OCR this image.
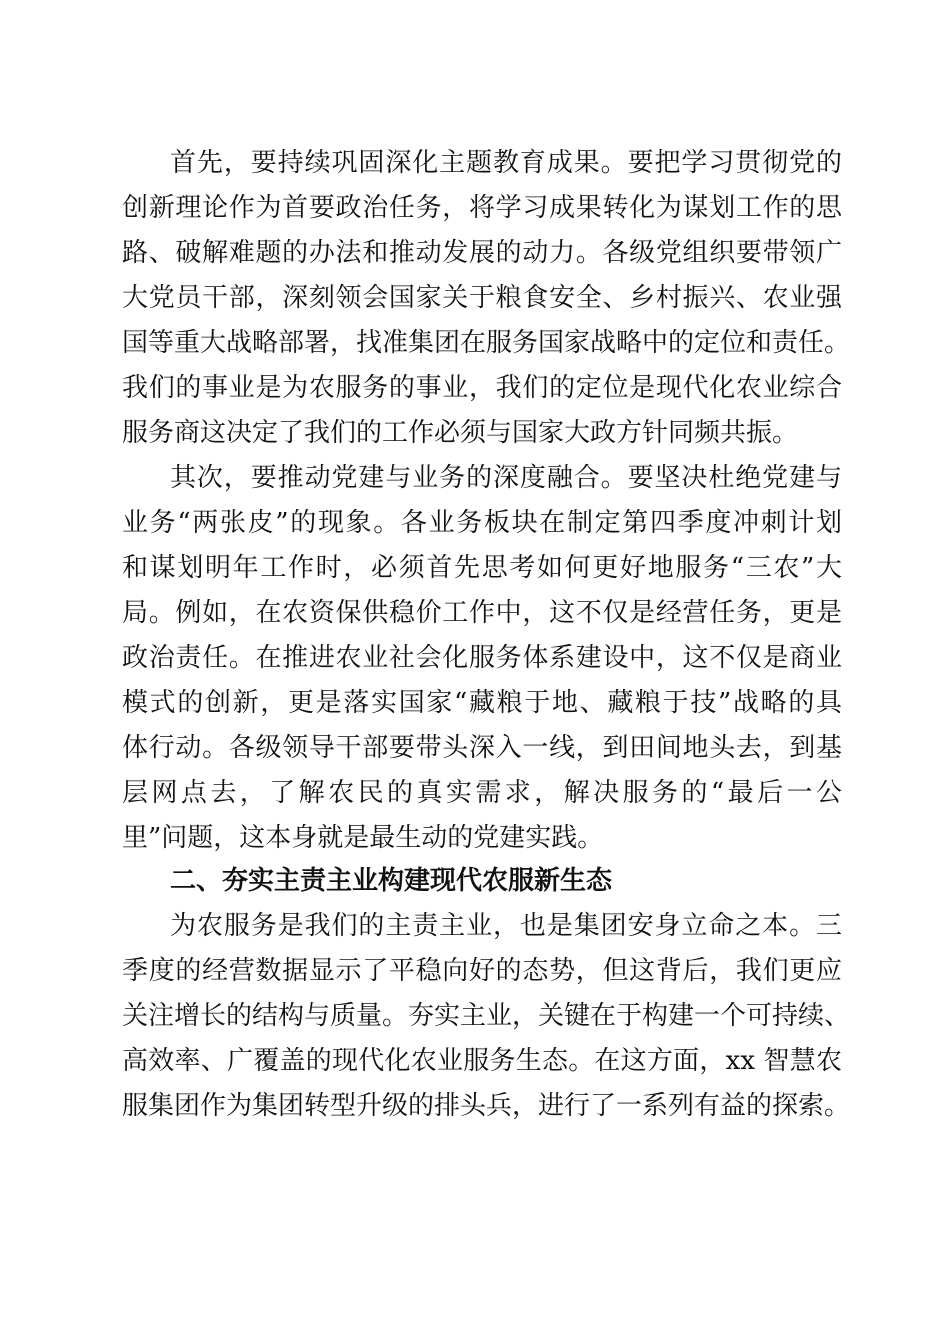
首先，要持续巩固深化主题教育成果。要把学习贯彻党的
创新理论作为首要政治任务，将学习成果转化为谋划工作的思
路、破解难题的办法和推动发展的动力。各级党组织要带领广
大党员干部，深刻领会国家关于粮食安全、乡村振兴、农业强
国等重大战略部署，找准集团在服务国家战略中的定位和责任。
我们的事业是为农服务的事业，我们的定位是现代化农业综合
服务商这决定了我们的工作必须与国家大政方针同频共振。
其次，要推动党建与业务的深度融合。要坚决杜绝党建与
业务“两张皮”的现象。各业务板块在制定第四季度冲刺计划
和谋划明年工作时，必须首先思考如何更好地服务“三农”大
局。例如，在农资保供稳价工作中，这不仅是经营任务，更是
政治责任。在推进农业社会化服务体系建设中，这不仅是商业
模式的创新，更是落实国家“藏粮于地、藏粮于技”战略的具
体行动。各级领导干部要带头深入一线，到田间地头去，到基
层网点去，了解农民的真实需求，解决服务的“最后一公
里”问题，这本身就是最生动的党建实践。
二、夯实主责主业构建现代农服新生态
为农服务是我们的主责主业，也是集团安身立命之本。三
季度的经营数据显示了平稳向好的态势，但这背后，我们更应
关注增长的结构与质量。夯实主业，关键在于构建一个可持续、
高效率、广覆盖的现代化农业服务生态。在这方面，xx 智慧农
服集团作为集团转型升级的排头兵，进行了一系列有益的探索。
